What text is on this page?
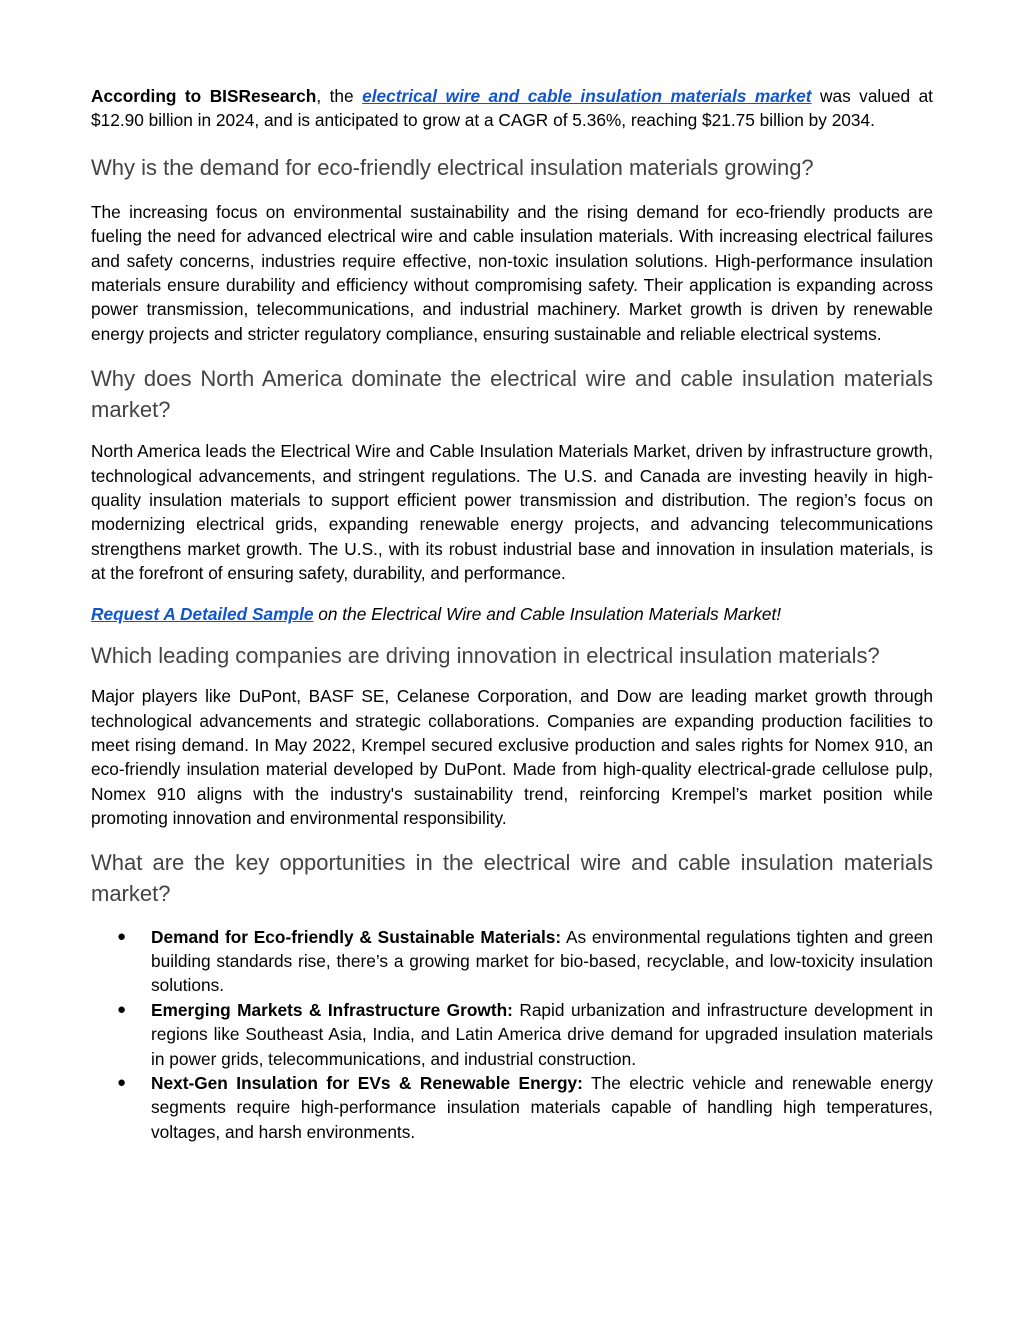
According to BISResearch, the electrical wire and cable insulation materials market was valued at $12.90 billion in 2024, and is anticipated to grow at a CAGR of 5.36%, reaching $21.75 billion by 2034.

Why is the demand for eco-friendly electrical insulation materials growing?

The increasing focus on environmental sustainability and the rising demand for eco-friendly products are fueling the need for advanced electrical wire and cable insulation materials. With increasing electrical failures and safety concerns, industries require effective, non-toxic insulation solutions. High-performance insulation materials ensure durability and efficiency without compromising safety. Their application is expanding across power transmission, telecommunications, and industrial machinery. Market growth is driven by renewable energy projects and stricter regulatory compliance, ensuring sustainable and reliable electrical systems.

Why does North America dominate the electrical wire and cable insulation materials market?

North America leads the Electrical Wire and Cable Insulation Materials Market, driven by infrastructure growth, technological advancements, and stringent regulations. The U.S. and Canada are investing heavily in high-quality insulation materials to support efficient power transmission and distribution. The region’s focus on modernizing electrical grids, expanding renewable energy projects, and advancing telecommunications strengthens market growth. The U.S., with its robust industrial base and innovation in insulation materials, is at the forefront of ensuring safety, durability, and performance.

Request A Detailed Sample on the Electrical Wire and Cable Insulation Materials Market!

Which leading companies are driving innovation in electrical insulation materials?

Major players like DuPont, BASF SE, Celanese Corporation, and Dow are leading market growth through technological advancements and strategic collaborations. Companies are expanding production facilities to meet rising demand. In May 2022, Krempel secured exclusive production and sales rights for Nomex 910, an eco-friendly insulation material developed by DuPont. Made from high-quality electrical-grade cellulose pulp, Nomex 910 aligns with the industry's sustainability trend, reinforcing Krempel’s market position while promoting innovation and environmental responsibility.

What are the key opportunities in the electrical wire and cable insulation materials market?
● Demand for Eco‑friendly & Sustainable Materials: As environmental regulations tighten and green building standards rise, there’s a growing market for bio-based, recyclable, and low-toxicity insulation solutions.
● Emerging Markets & Infrastructure Growth: Rapid urbanization and infrastructure development in regions like Southeast Asia, India, and Latin America drive demand for upgraded insulation materials in power grids, telecommunications, and industrial construction.
● Next‑Gen Insulation for EVs & Renewable Energy: The electric vehicle and renewable energy segments require high-performance insulation materials capable of handling high temperatures, voltages, and harsh environments.
